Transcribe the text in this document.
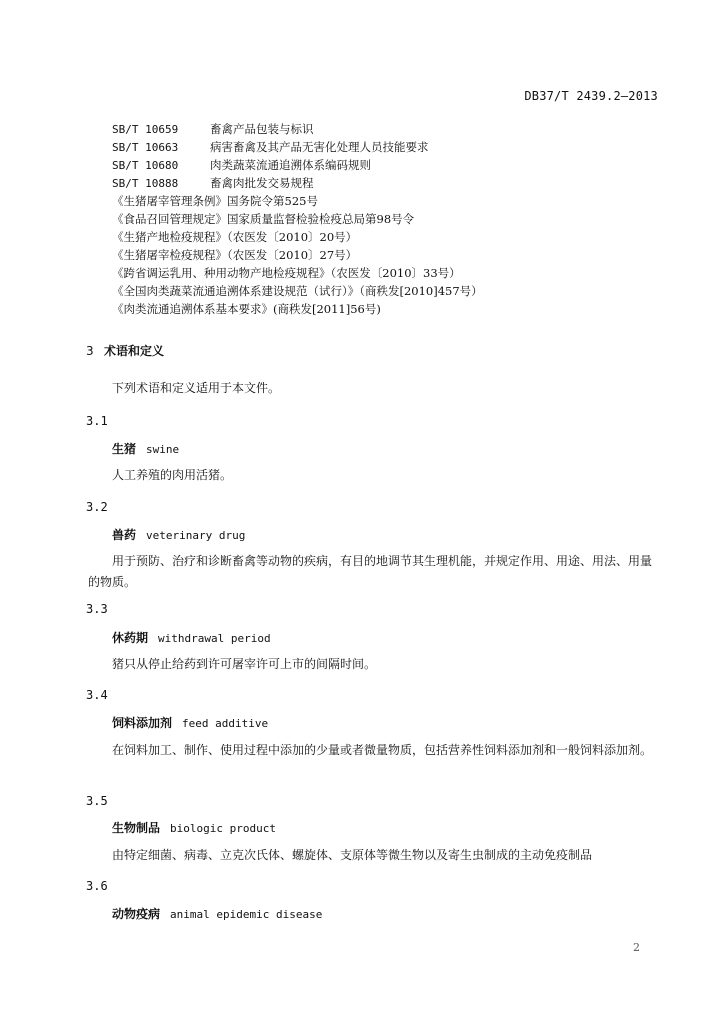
DB37/T 2439.2—2013
SB/T 10659	畜禽产品包装与标识
SB/T 10663	病害畜禽及其产品无害化处理人员技能要求
SB/T 10680	肉类蔬菜流通追溯体系编码规则
SB/T 10888	畜禽肉批发交易规程
《生猪屠宰管理条例》国务院令第525号
《食品召回管理规定》国家质量监督检验检疫总局第98号令
《生猪产地检疫规程》（农医发〔2010〕20号）
《生猪屠宰检疫规程》（农医发〔2010〕27号）
《跨省调运乳用、种用动物产地检疫规程》（农医发〔2010〕33号）
《全国肉类蔬菜流通追溯体系建设规范（试行）》（商秩发[2010]457号）
《肉类流通追溯体系基本要求》(商秩发[2011]56号)
3 术语和定义
下列术语和定义适用于本文件。
3.1
生猪 swine
人工养殖的肉用活猪。
3.2
兽药 veterinary drug
用于预防、治疗和诊断畜禽等动物的疾病，有目的地调节其生理机能，并规定作用、用途、用法、用量的物质。
3.3
休药期 withdrawal period
猪只从停止给药到许可屠宰许可上市的间隔时间。
3.4
饲料添加剂 feed additive
在饲料加工、制作、使用过程中添加的少量或者微量物质，包括营养性饲料添加剂和一般饲料添加剂。
3.5
生物制品 biologic product
由特定细菌、病毒、立克次氏体、螺旋体、支原体等微生物以及寄生虫制成的主动免疫制品
3.6
动物疫病 animal epidemic disease
2
